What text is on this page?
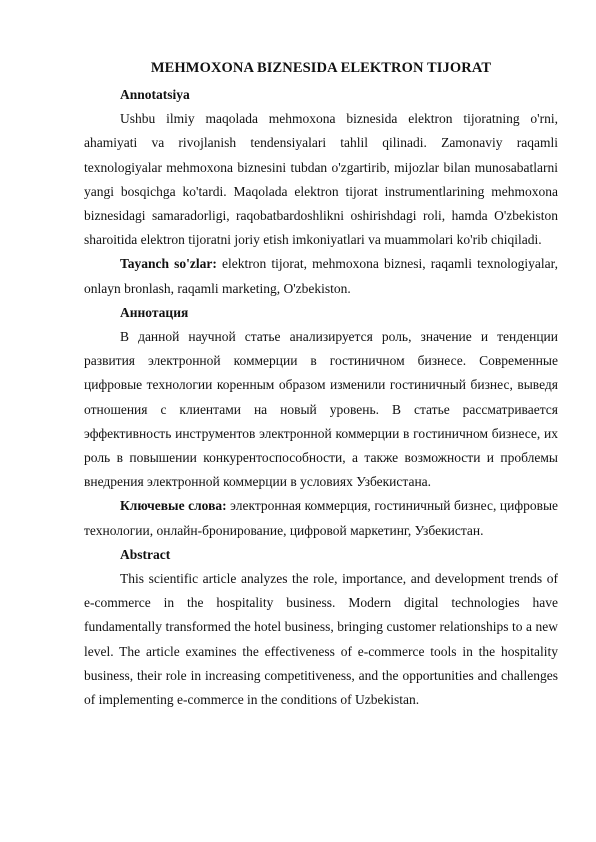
MEHMOXONA BIZNESIDA ELEKTRON TIJORAT

Annotatsiya

Ushbu ilmiy maqolada mehmoxona biznesida elektron tijoratning o'rni, ahamiyati va rivojlanish tendensiyalari tahlil qilinadi. Zamonaviy raqamli texnologiyalar mehmoxona biznesini tubdan o'zgartirib, mijozlar bilan munosabatlarni yangi bosqichga ko'tardi. Maqolada elektron tijorat instrumentlarining mehmoxona biznesidagi samaradorligi, raqobatbardoshlikni oshirishdagi roli, hamda O'zbekiston sharoitida elektron tijoratni joriy etish imkoniyatlari va muammolari ko'rib chiqiladi.

Tayanch so'zlar: elektron tijorat, mehmoxona biznesi, raqamli texnologiyalar, onlayn bronlash, raqamli marketing, O'zbekiston.

Аннотация

В данной научной статье анализируется роль, значение и тенденции развития электронной коммерции в гостиничном бизнесе. Современные цифровые технологии коренным образом изменили гостиничный бизнес, выведя отношения с клиентами на новый уровень. В статье рассматривается эффективность инструментов электронной коммерции в гостиничном бизнесе, их роль в повышении конкурентоспособности, а также возможности и проблемы внедрения электронной коммерции в условиях Узбекистана.

Ключевые слова: электронная коммерция, гостиничный бизнес, цифровые технологии, онлайн-бронирование, цифровой маркетинг, Узбекистан.

Abstract

This scientific article analyzes the role, importance, and development trends of e-commerce in the hospitality business. Modern digital technologies have fundamentally transformed the hotel business, bringing customer relationships to a new level. The article examines the effectiveness of e-commerce tools in the hospitality business, their role in increasing competitiveness, and the opportunities and challenges of implementing e-commerce in the conditions of Uzbekistan.
